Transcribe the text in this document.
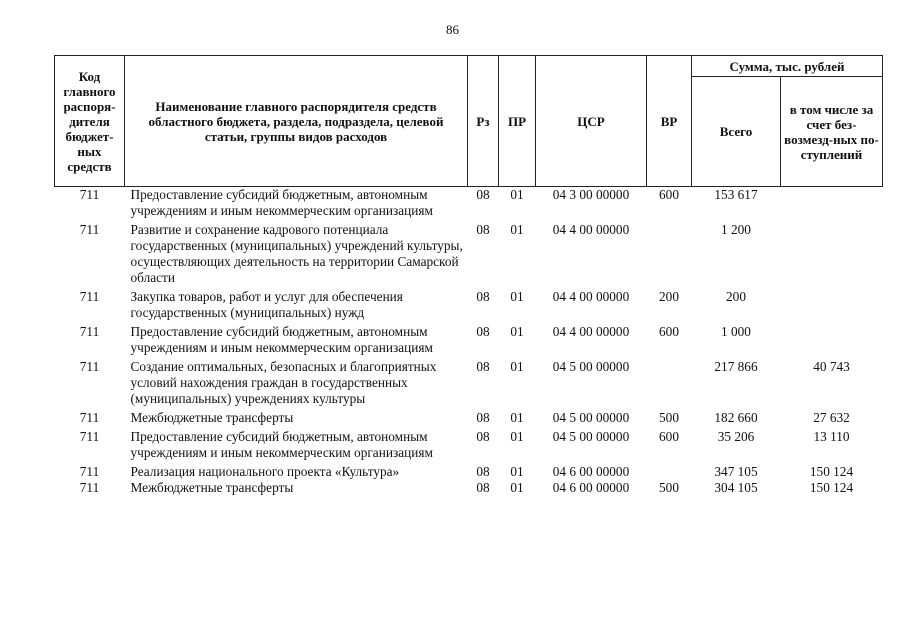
86
Код главного распоря-дителя бюджет-ных средств	Наименование главного распорядителя средств областного бюджета, раздела, подраздела, целевой статьи, группы видов расходов	Рз	ПР	ЦСР	ВР	Сумма, тыс. рублей	
						Всего	в том числе за счет без-возмезд-ных по-ступлений
711	Предоставление субсидий бюджетным, автономным учреждениям и иным некоммерческим организациям	08	01	04 3 00 00000	600	153 617	
711	Развитие и сохранение кадрового потенциала государственных (муниципальных) учреждений культуры, осуществляющих деятельность на территории Самарской области	08	01	04 4 00 00000		1 200	
711	Закупка товаров, работ и услуг для обеспечения государственных (муниципальных) нужд	08	01	04 4 00 00000	200	200	
711	Предоставление субсидий бюджетным, автономным учреждениям и иным некоммерческим организациям	08	01	04 4 00 00000	600	1 000	
711	Создание оптимальных, безопасных и благоприятных условий нахождения граждан в государственных (муниципальных) учреждениях культуры	08	01	04 5 00 00000		217 866	40 743
711	Межбюджетные трансферты	08	01	04 5 00 00000	500	182 660	27 632
711	Предоставление субсидий бюджетным, автономным учреждениям и иным некоммерческим организациям	08	01	04 5 00 00000	600	35 206	13 110
711	Реализация национального проекта «Культура»	08	01	04 6 00 00000		347 105	150 124
711	Межбюджетные трансферты	08	01	04 6 00 00000	500	304 105	150 124
